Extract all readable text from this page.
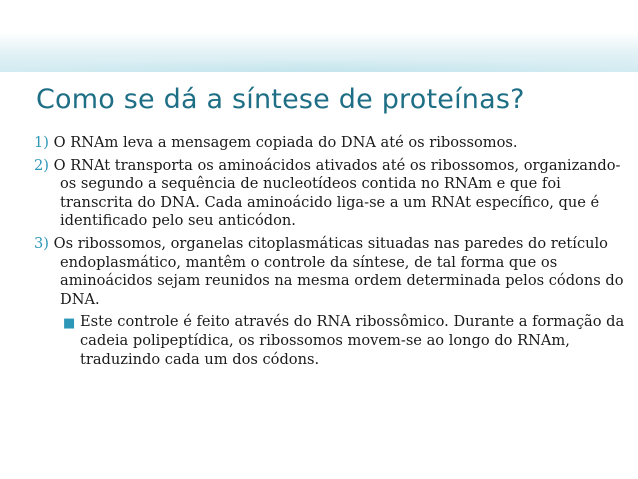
Como se dá a síntese de proteínas?

1) O RNAm leva a mensagem copiada do DNA até os ribossomos.

2) O RNAt transporta os aminoácidos ativados até os ribossomos, organizando-os segundo a sequência de nucleotídeos contida no RNAm e que foi transcrita do DNA. Cada aminoácido liga-se a um RNAt específico, que é identificado pelo seu anticódon.

3) Os ribossomos, organelas citoplasmáticas situadas nas paredes do retículo endoplasmático, mantêm o controle da síntese, de tal forma que os aminoácidos sejam reunidos na mesma ordem determinada pelos códons do DNA.

■ Este controle é feito através do RNA ribossômico. Durante a formação da cadeia polipeptídica, os ribossomos movem-se ao longo do RNAm, traduzindo cada um dos códons.
